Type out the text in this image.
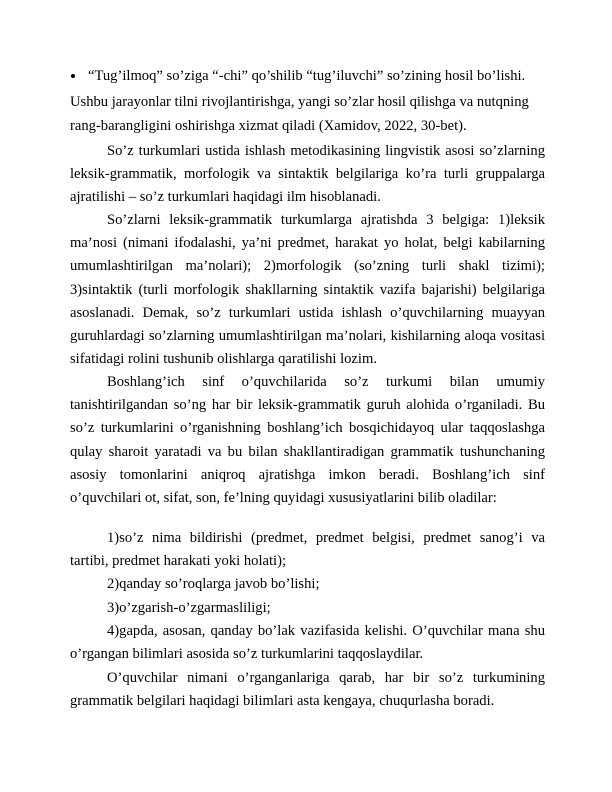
“Tug’ilmoq” so’ziga “-chi” qo’shilib “tug’iluvchi” so’zining hosil bo’lishi.
Ushbu jarayonlar tilni rivojlantirishga, yangi so’zlar hosil qilishga va nutqning
rang-barangligini oshirishga xizmat qiladi (Xamidov, 2022, 30-bet).
So’z turkumlari ustida ishlash metodikasining lingvistik asosi so’zlarning leksik-grammatik, morfologik va sintaktik belgilariga ko’ra turli gruppalarga ajratilishi – so’z turkumlari haqidagi ilm hisoblanadi.
So’zlarni leksik-grammatik turkumlarga ajratishda 3 belgiga: 1)leksik ma’nosi (nimani ifodalashi, ya’ni predmet, harakat yo holat, belgi kabilarning umumlashtirilgan ma’nolari); 2)morfologik (so’zning turli shakl tizimi); 3)sintaktik (turli morfologik shakllarning sintaktik vazifa bajarishi) belgilariga asoslanadi. Demak, so’z turkumlari ustida ishlash o’quvchilarning muayyan guruhlardagi so’zlarning umumlashtirilgan ma’nolari, kishilarning aloqa vositasi sifatidagi rolini tushunib olishlarga qaratilishi lozim.
Boshlang’ich sinf o’quvchilarida so’z turkumi bilan umumiy tanishtirilgandan so’ng har bir leksik-grammatik guruh alohida o’rganiladi. Bu so’z turkumlarini o’rganishning boshlang’ich bosqichidayoq ular taqqoslashga qulay sharoit yaratadi va bu bilan shakllantiradigan grammatik tushunchaning asosiy tomonlarini aniqroq ajratishga imkon beradi. Boshlang’ich sinf o’quvchilari ot, sifat, son, fe’lning quyidagi xususiyatlarini bilib oladilar:
1)so’z nima bildirishi (predmet, predmet belgisi, predmet sanog’i va tartibi, predmet harakati yoki holati);
2)qanday so’roqlarga javob bo’lishi;
3)o’zgarish-o’zgarmasliligi;
4)gapda, asosan, qanday bo’lak vazifasida kelishi. O’quvchilar mana shu o’rgangan bilimlari asosida so’z turkumlarini taqqoslaydilar.
O’quvchilar nimani o’rganganlariga qarab, har bir so’z turkumining grammatik belgilari haqidagi bilimlari asta kengaya, chuqurlasha boradi.
